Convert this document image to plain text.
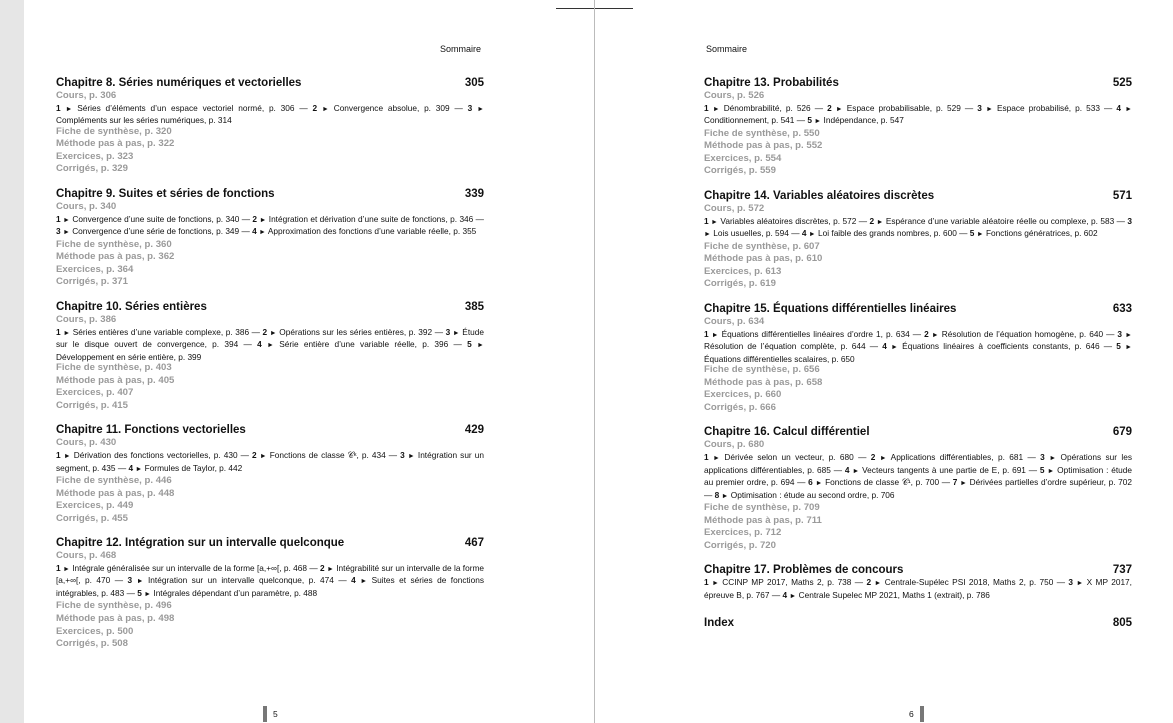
Sommaire
Chapitre 8. Séries numériques et vectorielles	305
Cours, p. 306
1 ► Séries d’éléments d’un espace vectoriel normé, p. 306 — 2 ► Convergence absolue, p. 309 — 3 ► Compléments sur les séries numériques, p. 314
Fiche de synthèse, p. 320
Méthode pas à pas, p. 322
Exercices, p. 323
Corrigés, p. 329
Chapitre 9. Suites et séries de fonctions	339
Cours, p. 340
1 ► Convergence d’une suite de fonctions, p. 340 — 2 ► Intégration et dérivation d’une suite de fonctions, p. 346 — 3 ► Convergence d’une série de fonctions, p. 349 — 4 ► Approximation des fonctions d’une variable réelle, p. 355
Fiche de synthèse, p. 360
Méthode pas à pas, p. 362
Exercices, p. 364
Corrigés, p. 371
Chapitre 10. Séries entières	385
Cours, p. 386
1 ► Séries entières d’une variable complexe, p. 386 — 2 ► Opérations sur les séries entières, p. 392 — 3 ► Étude sur le disque ouvert de convergence, p. 394 — 4 ► Série entière d’une variable réelle, p. 396 — 5 ► Développement en série entière, p. 399
Fiche de synthèse, p. 403
Méthode pas à pas, p. 405
Exercices, p. 407
Corrigés, p. 415
Chapitre 11. Fonctions vectorielles	429
Cours, p. 430
1 ► Dérivation des fonctions vectorielles, p. 430 — 2 ► Fonctions de classe 𝒞ᵏ, p. 434 — 3 ► Intégration sur un segment, p. 435 — 4 ► Formules de Taylor, p. 442
Fiche de synthèse, p. 446
Méthode pas à pas, p. 448
Exercices, p. 449
Corrigés, p. 455
Chapitre 12. Intégration sur un intervalle quelconque	467
Cours, p. 468
1 ► Intégrale généralisée sur un intervalle de la forme [a,+∞[, p. 468 — 2 ► Intégrabilité sur un intervalle de la forme [a,+∞[, p. 470 — 3 ► Intégration sur un intervalle quelconque, p. 474 — 4 ► Suites et séries de fonctions intégrables, p. 483 — 5 ► Intégrales dépendant d’un paramètre, p. 488
Fiche de synthèse, p. 496
Méthode pas à pas, p. 498
Exercices, p. 500
Corrigés, p. 508
5
Sommaire
Chapitre 13. Probabilités	525
Cours, p. 526
1 ► Dénombrabilité, p. 526 — 2 ► Espace probabilisable, p. 529 — 3 ► Espace probabilisé, p. 533 — 4 ► Conditionnement, p. 541 — 5 ► Indépendance, p. 547
Fiche de synthèse, p. 550
Méthode pas à pas, p. 552
Exercices, p. 554
Corrigés, p. 559
Chapitre 14. Variables aléatoires discrètes	571
Cours, p. 572
1 ► Variables aléatoires discrètes, p. 572 — 2 ► Espérance d’une variable aléatoire réelle ou complexe, p. 583 — 3 ► Lois usuelles, p. 594 — 4 ► Loi faible des grands nombres, p. 600 — 5 ► Fonctions génératrices, p. 602
Fiche de synthèse, p. 607
Méthode pas à pas, p. 610
Exercices, p. 613
Corrigés, p. 619
Chapitre 15. Équations différentielles linéaires	633
Cours, p. 634
1 ► Équations différentielles linéaires d’ordre 1, p. 634 — 2 ► Résolution de l’équation homogène, p. 640 — 3 ► Résolution de l’équation complète, p. 644 — 4 ► Équations linéaires à coefficients constants, p. 646 — 5 ► Équations différentielles scalaires, p. 650
Fiche de synthèse, p. 656
Méthode pas à pas, p. 658
Exercices, p. 660
Corrigés, p. 666
Chapitre 16. Calcul différentiel	679
Cours, p. 680
1 ► Dérivée selon un vecteur, p. 680 — 2 ► Applications différentiables, p. 681 — 3 ► Opérations sur les applications différentiables, p. 685 — 4 ► Vecteurs tangents à une partie de E, p. 691 — 5 ► Optimisation : étude au premier ordre, p. 694 — 6 ► Fonctions de classe 𝒞¹, p. 700 — 7 ► Dérivées partielles d’ordre supérieur, p. 702 — 8 ► Optimisation : étude au second ordre, p. 706
Fiche de synthèse, p. 709
Méthode pas à pas, p. 711
Exercices, p. 712
Corrigés, p. 720
Chapitre 17. Problèmes de concours	737
1 ► CCINP MP 2017, Maths 2, p. 738 — 2 ► Centrale-Supélec PSI 2018, Maths 2, p. 750 — 3 ► X MP 2017, épreuve B, p. 767 — 4 ► Centrale Supelec MP 2021, Maths 1 (extrait), p. 786
Index	805
6
